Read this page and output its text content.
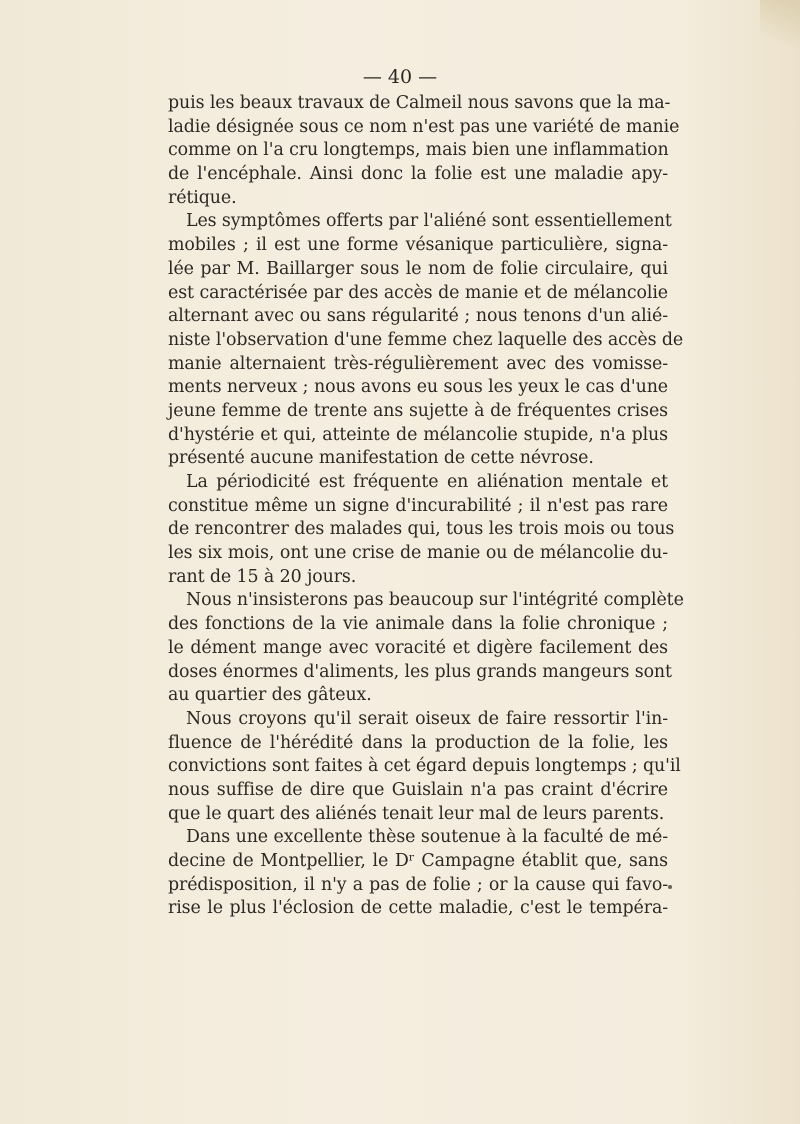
— 40 —
puis les beaux travaux de Calmeil nous savons que la ma-
ladie désignée sous ce nom n'est pas une variété de manie
comme on l'a cru longtemps, mais bien une inflammation
de l'encéphale. Ainsi donc la folie est une maladie apy-
rétique.
Les symptômes offerts par l'aliéné sont essentiellement
mobiles ; il est une forme vésanique particulière, signa-
lée par M. Baillarger sous le nom de folie circulaire, qui
est caractérisée par des accès de manie et de mélancolie
alternant avec ou sans régularité ; nous tenons d'un alié-
niste l'observation d'une femme chez laquelle des accès de
manie alternaient très-régulièrement avec des vomisse-
ments nerveux ; nous avons eu sous les yeux le cas d'une
jeune femme de trente ans sujette à de fréquentes crises
d'hystérie et qui, atteinte de mélancolie stupide, n'a plus
présenté aucune manifestation de cette névrose.
La périodicité est fréquente en aliénation mentale et
constitue même un signe d'incurabilité ; il n'est pas rare
de rencontrer des malades qui, tous les trois mois ou tous
les six mois, ont une crise de manie ou de mélancolie du-
rant de 15 à 20 jours.
Nous n'insisterons pas beaucoup sur l'intégrité complète
des fonctions de la vie animale dans la folie chronique ;
le dément mange avec voracité et digère facilement des
doses énormes d'aliments, les plus grands mangeurs sont
au quartier des gâteux.
Nous croyons qu'il serait oiseux de faire ressortir l'in-
fluence de l'hérédité dans la production de la folie, les
convictions sont faites à cet égard depuis longtemps ; qu'il
nous suffise de dire que Guislain n'a pas craint d'écrire
que le quart des aliénés tenait leur mal de leurs parents.
Dans une excellente thèse soutenue à la faculté de mé-
decine de Montpellier, le Dʳ Campagne établit que, sans
prédisposition, il n'y a pas de folie ; or la cause qui favo-
rise le plus l'éclosion de cette maladie, c'est le tempéra-
